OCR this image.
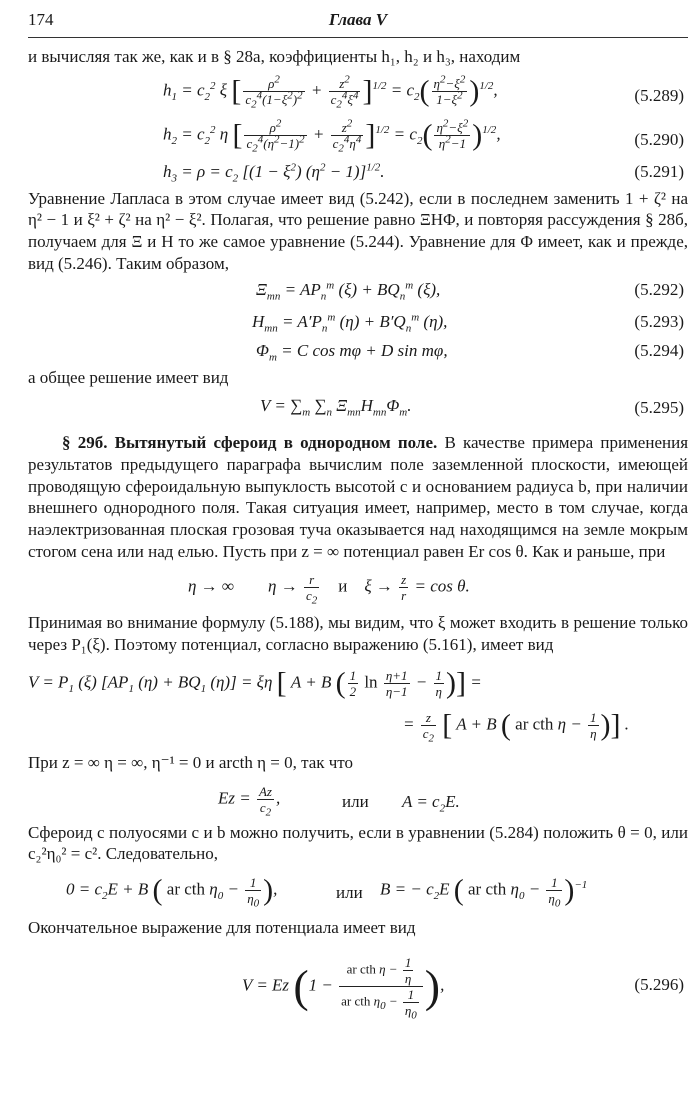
174	Глава V

и вычисляя так же, как и в § 28а, коэффициенты h₁, h₂ и h₃, находим

$h_1 = c_2^2$ ξ [ $\frac{\rho^2}{c_2^4(1-\xi^2)^2} + \frac{z^2}{c_2^4\xi^4} ]^{1/2} = c_2( \frac{\eta^2-\xi^2}{1-\xi^2} )^{1/2}$,	(5.289)
$h_2 = c_2^2$ η [ $\frac{\rho^2}{c_2^4(\eta^2-1)^2} + \frac{z^2}{c_2^4\eta^4} ]^{1/2} = c_2( \frac{\eta^2-\xi^2}{\eta^2-1} )^{1/2}$,	(5.290)
$h_3 = \rho = c_2$ [$(1 - \xi^2)$ $(\eta^2 - 1)]^{1/2}$.	(5.291)

Уравнение Лапласа в этом случае имеет вид (5.242), если в последнем заменить 1 + ζ² на η² − 1 и ξ² + ζ² на η² − ξ². Полагая, что решение равно ΞHΦ, и повторяя рассуждения § 28б, получаем для Ξ и H то же самое уравнение (5.244). Уравнение для Φ имеет, как и прежде, вид (5.246). Таким образом,

$\Xi_{mn} = AP_n^m$ $(\xi) + BQ_n^m$ (ξ),	(5.292)
$H_{mn} = A'P_n^m$ $(\eta) + B'Q_n^m$ (η),	(5.293)
$\Phi_m = C$ cos mφ + D sin mφ,	(5.294)

а общее решение имеет вид

$V = \sum_m$ $\sum_n$ $\Xi_{mn}H_{mn}\Phi_m$.	(5.295)

§ 29б. Вытянутый сфероид в однородном поле. В качестве примера применения результатов предыдущего параграфа вычислим поле заземленной плоскости, имеющей проводящую сфероидальную выпуклость высотой c и основанием радиуса b, при наличии внешнего однородного поля. Такая ситуация имеет, например, место в том случае, когда наэлектризованная плоская грозовая туча оказывается над находящимся на земле мокрым стогом сена или над елью. Пусть при z = ∞ потенциал равен Er cos θ. Как и раньше, при

η → ∞        $\eta \to \frac{r}{c_2}$ и    $\xi \to \frac{z}{r} = \cos \theta$.

Принимая во внимание формулу (5.188), мы видим, что ξ может входить в решение только через P₁(ξ). Поэтому потенциал, согласно выражению (5.161), имеет вид

$V = P_1$ (ξ) [$AP_1$ $(\eta) + BQ_1$ (η)] = ξη [ A + B ( $\frac{1}{2}$ $\ln \frac{\eta+1}{\eta-1} - \frac{1}{\eta}$ )] =
= $\frac{z}{c_2}$ [ A + B ( ar cth $\eta - \frac{1}{\eta}$ )] .

При z = ∞ η = ∞, η⁻¹ = 0 и arcth η = 0, так что

$Ez = \frac{Az}{c_2}$ ,	или $A = c_2E$.

Сфероид с полуосями c и b можно получить, если в уравнении (5.284) положить θ = 0, или c₂²η₀² = c². Следовательно,

$0 = c_2E + B$ ( ar cth $\eta_0 - \frac{1}{\eta_0}$ ),	или B = − $c_2E$ ( ar cth $\eta_0 - \frac{1}{\eta_0} )^{-1}$

Окончательное выражение для потенциала имеет вид

V = Ez ($1 - \frac{ar cth \eta - \frac{1}{\eta}}{ar cth \eta_0 - \frac{1}{\eta_0}}$ ),	(5.296)
